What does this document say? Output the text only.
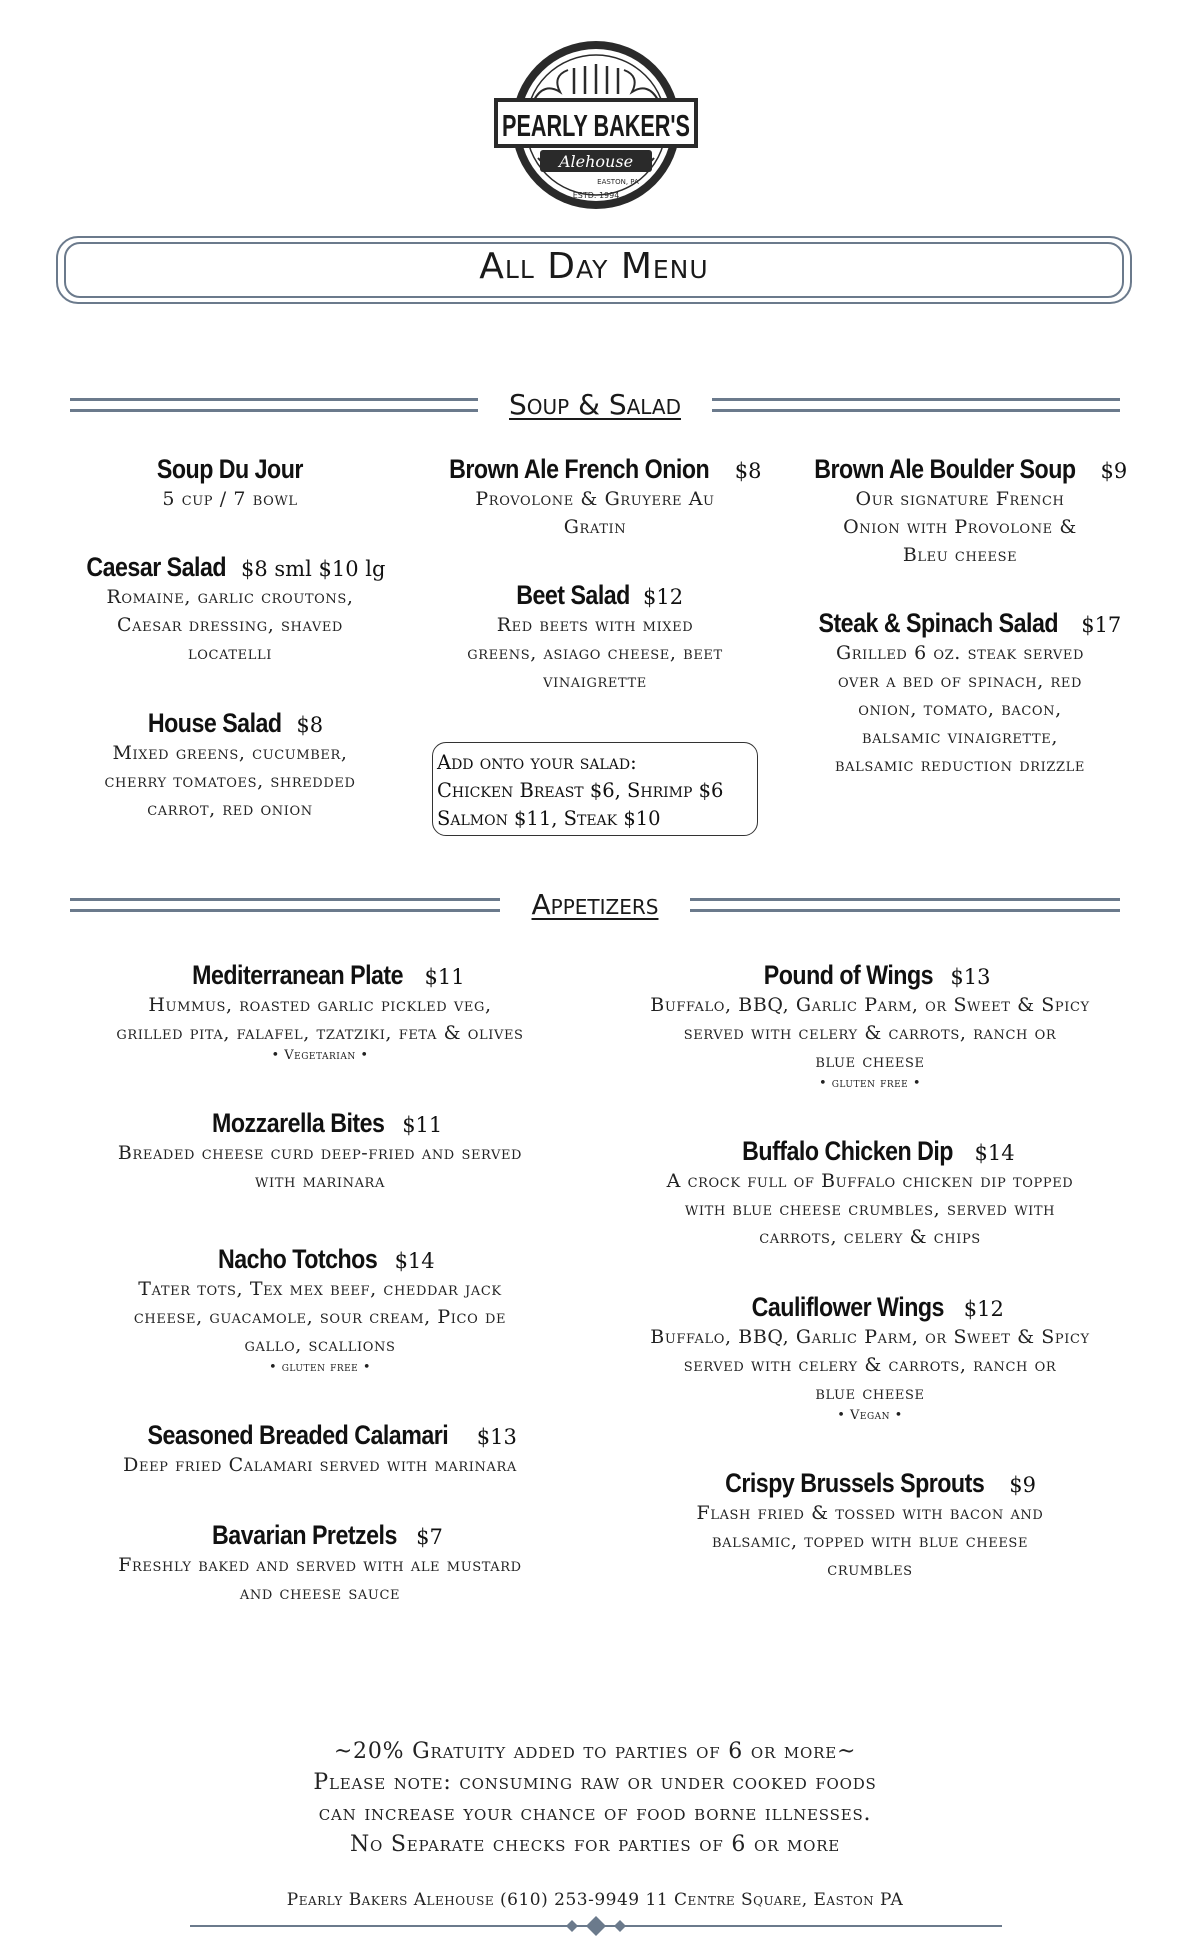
PEARLY BAKER'S
Alehouse
EASTON, PA
ESTD. 1994
All Day Menu
Soup & Salad
Soup Du Jour
5 cup / 7 bowl
Caesar Salad $8 sml $10 lg
Romaine, garlic croutons,
Caesar dressing, shaved
locatelli
House Salad $8
Mixed greens, cucumber,
cherry tomatoes, shredded
carrot, red onion
Brown Ale French Onion $8
Provolone & Gruyere Au
Gratin
Beet Salad $12
Red beets with mixed
greens, asiago cheese, beet
vinaigrette
Add onto your salad:
Chicken Breast $6, Shrimp $6
Salmon $11, Steak $10
Brown Ale Boulder Soup $9
Our signature French
Onion with Provolone &
Bleu cheese
Steak & Spinach Salad $17
Grilled 6 oz. steak served
over a bed of spinach, red
onion, tomato, bacon,
balsamic vinaigrette,
balsamic reduction drizzle
Appetizers
Mediterranean Plate $11
Hummus, roasted garlic pickled veg,
grilled pita, falafel, tzatziki, feta & olives
• Vegetarian •
Mozzarella Bites $11
Breaded cheese curd deep-fried and served
with marinara
Nacho Totchos $14
Tater tots, Tex mex beef, cheddar jack
cheese, guacamole, sour cream, Pico de
gallo, scallions
• gluten free •
Seasoned Breaded Calamari $13
Deep fried Calamari served with marinara
Bavarian Pretzels $7
Freshly baked and served with ale mustard
and cheese sauce
Pound of Wings $13
Buffalo, BBQ, Garlic Parm, or Sweet & Spicy
served with celery & carrots, ranch or
blue cheese
• gluten free •
Buffalo Chicken Dip $14
A crock full of Buffalo chicken dip topped
with blue cheese crumbles, served with
carrots, celery & chips
Cauliflower Wings $12
Buffalo, BBQ, Garlic Parm, or Sweet & Spicy
served with celery & carrots, ranch or
blue cheese
• Vegan •
Crispy Brussels Sprouts $9
Flash fried & tossed with bacon and
balsamic, topped with blue cheese
crumbles
~20% Gratuity added to parties of 6 or more~
Please note: consuming raw or under cooked foods
can increase your chance of food borne illnesses.
No Separate checks for parties of 6 or more
Pearly Bakers Alehouse (610) 253-9949 11 Centre Square, Easton PA
